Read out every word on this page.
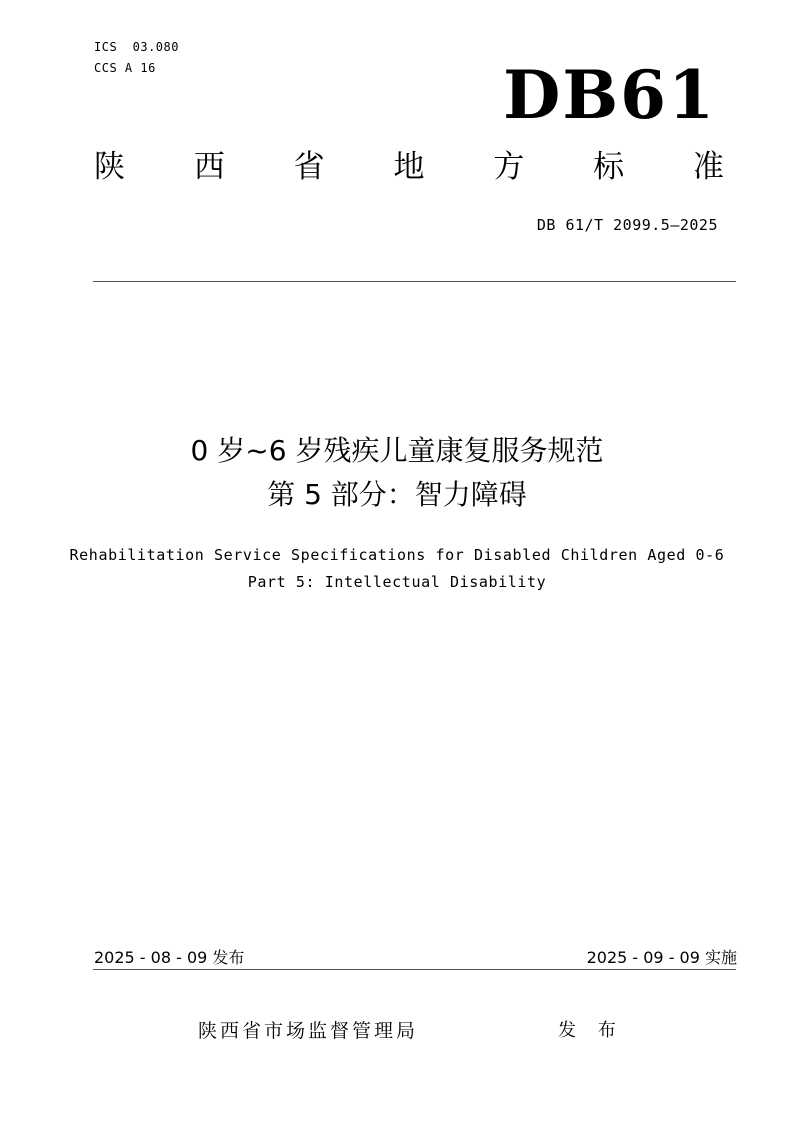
ICS  03.080
CCS A 16	DB61
陕 西 省 地 方 标 准
DB 61/T 2099.5—2025
0 岁~6 岁残疾儿童康复服务规范
第 5 部分：智力障碍
Rehabilitation Service Specifications for Disabled Children Aged 0-6
Part 5: Intellectual Disability
2025 - 08 - 09 发布	2025 - 09 - 09 实施
陕西省市场监督管理局	发 布
